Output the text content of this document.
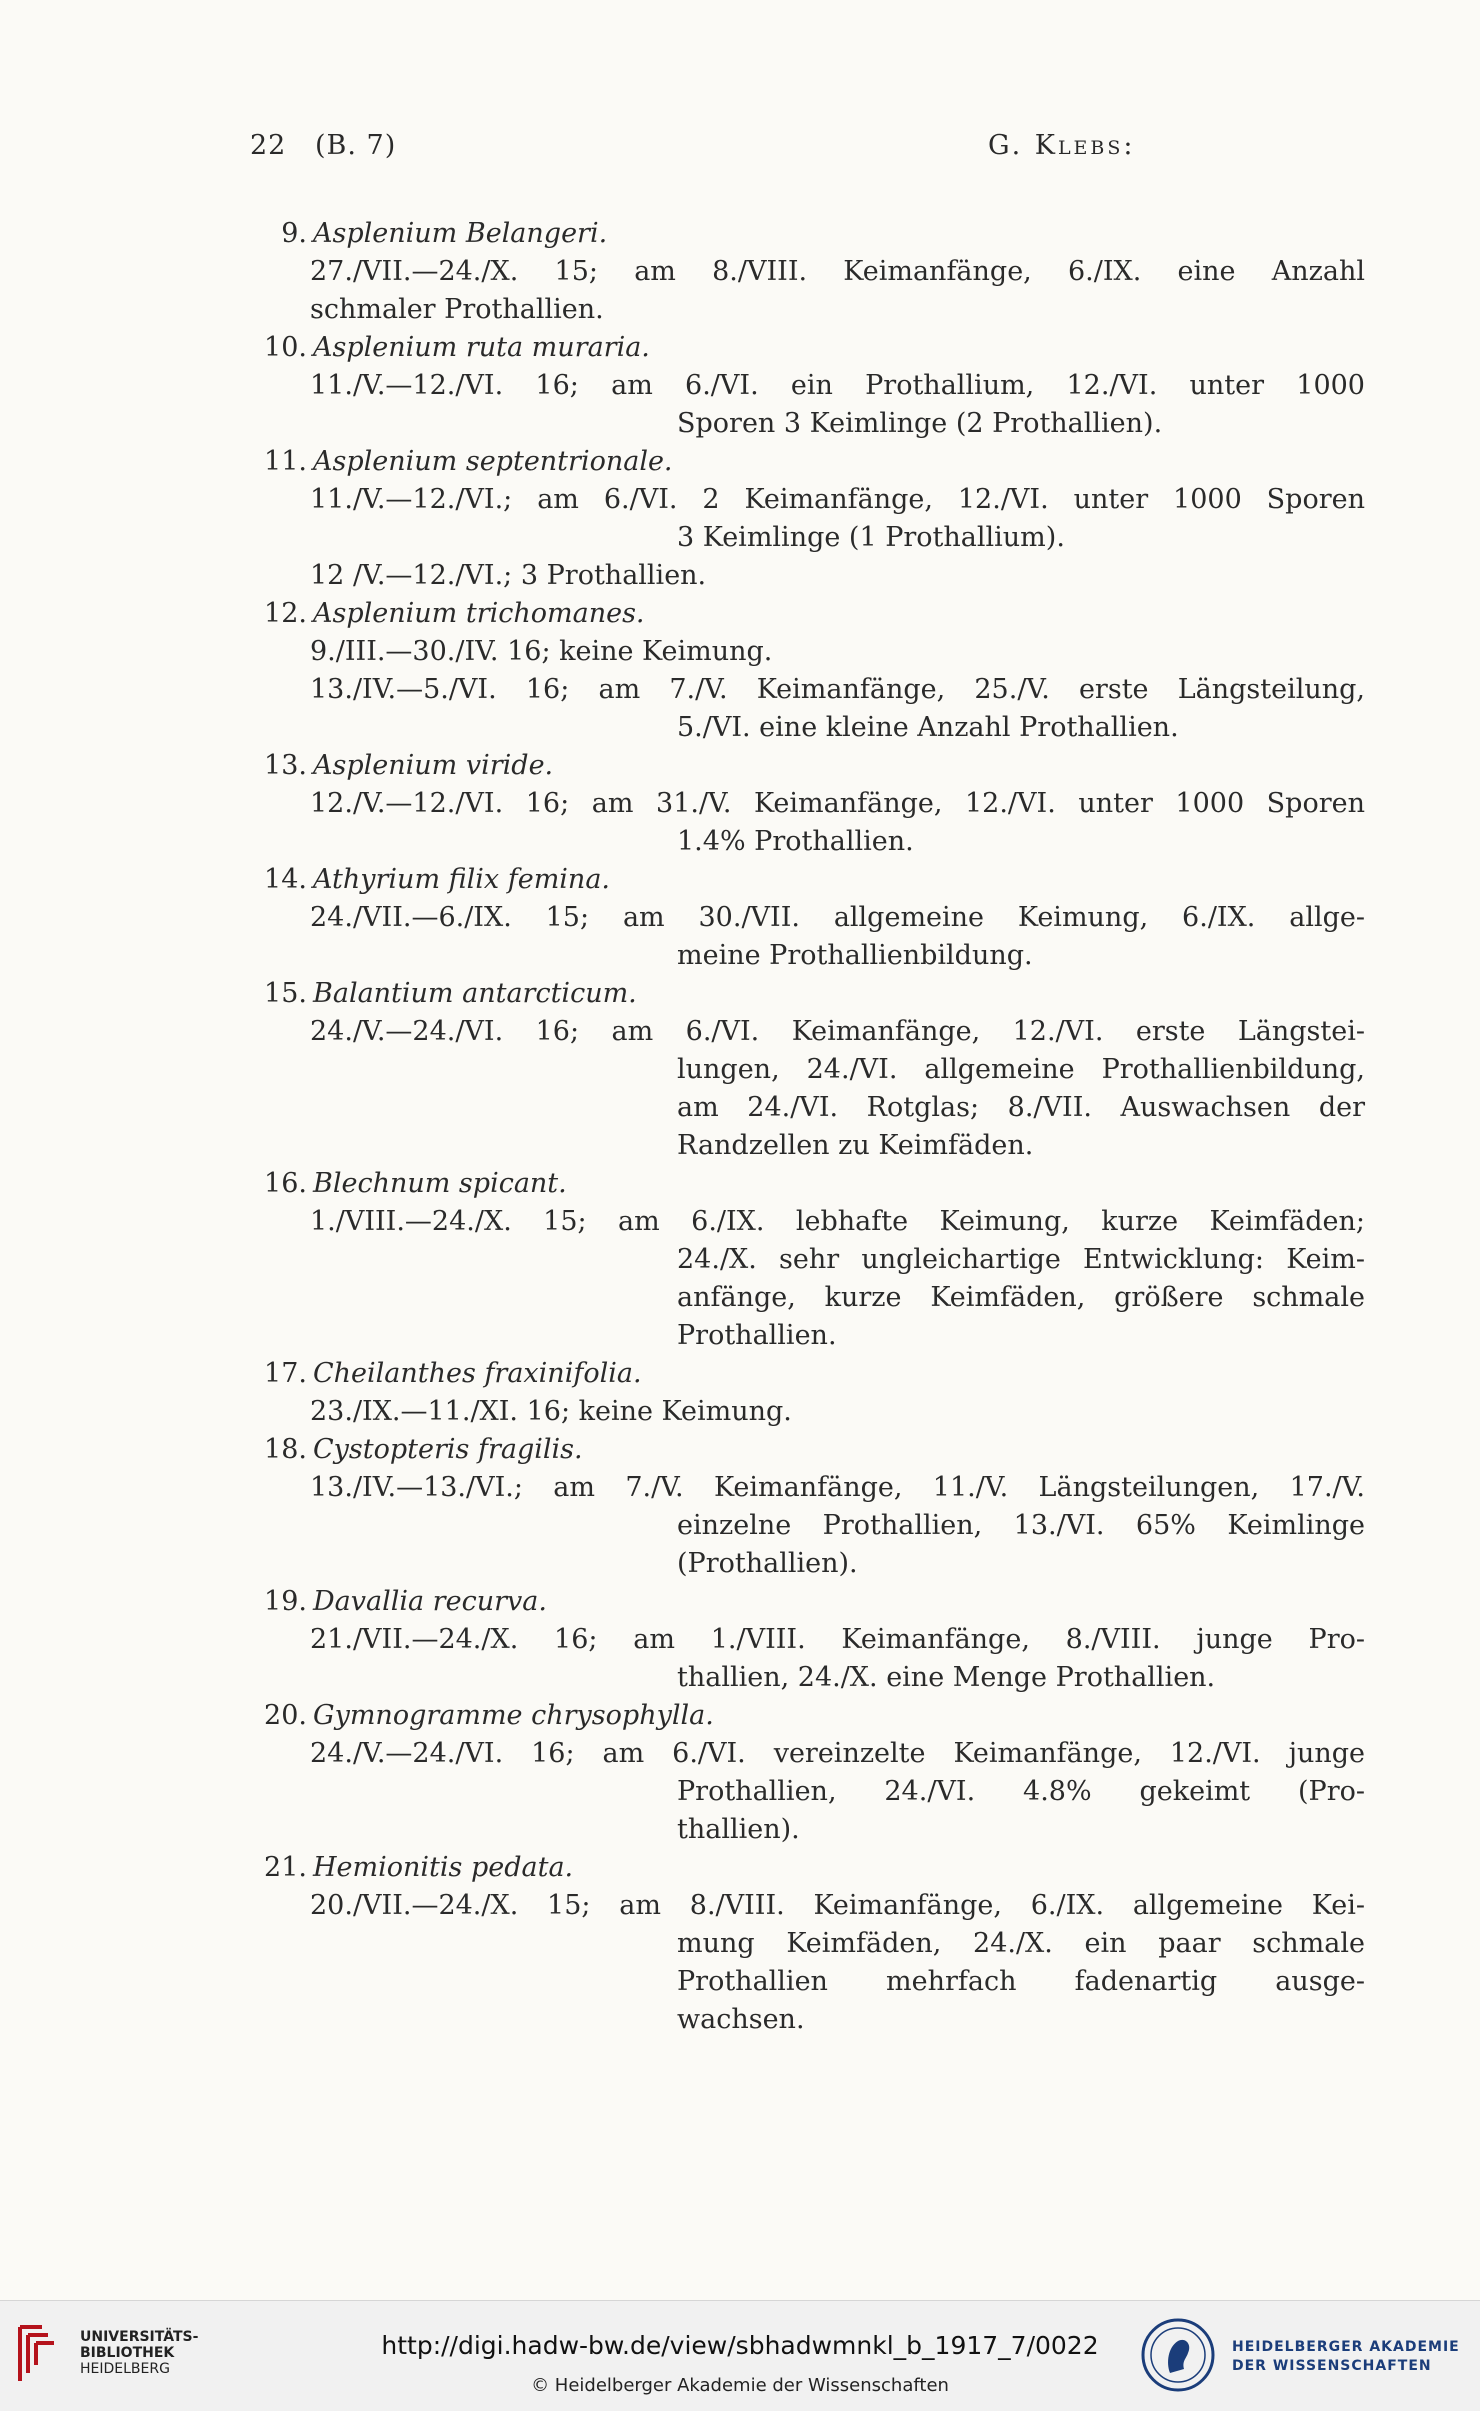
22 (B. 7)	G. Klebs:
9. Asplenium Belangeri.
27./VII.—24./X. 15; am 8./VIII. Keimanfänge, 6./IX. eine Anzahl
schmaler Prothallien.
10. Asplenium ruta muraria.
11./V.—12./VI. 16; am 6./VI. ein Prothallium, 12./VI. unter 1000
Sporen 3 Keimlinge (2 Prothallien).
11. Asplenium septentrionale.
11./V.—12./VI.; am 6./VI. 2 Keimanfänge, 12./VI. unter 1000 Sporen
3 Keimlinge (1 Prothallium).
12 /V.—12./VI.; 3 Prothallien.
12. Asplenium trichomanes.
9./III.—30./IV. 16; keine Keimung.
13./IV.—5./VI. 16; am 7./V. Keimanfänge, 25./V. erste Längsteilung,
5./VI. eine kleine Anzahl Prothallien.
13. Asplenium viride.
12./V.—12./VI. 16; am 31./V. Keimanfänge, 12./VI. unter 1000 Sporen
1.4% Prothallien.
14. Athyrium filix femina.
24./VII.—6./IX. 15; am 30./VII. allgemeine Keimung, 6./IX. allge-
meine Prothallienbildung.
15. Balantium antarcticum.
24./V.—24./VI. 16; am 6./VI. Keimanfänge, 12./VI. erste Längstei-
lungen, 24./VI. allgemeine Prothallienbildung,
am 24./VI. Rotglas; 8./VII. Auswachsen der
Randzellen zu Keimfäden.
16. Blechnum spicant.
1./VIII.—24./X. 15; am 6./IX. lebhafte Keimung, kurze Keimfäden;
24./X. sehr ungleichartige Entwicklung: Keim-
anfänge, kurze Keimfäden, größere schmale
Prothallien.
17. Cheilanthes fraxinifolia.
23./IX.—11./XI. 16; keine Keimung.
18. Cystopteris fragilis.
13./IV.—13./VI.; am 7./V. Keimanfänge, 11./V. Längsteilungen, 17./V.
einzelne Prothallien, 13./VI. 65% Keimlinge
(Prothallien).
19. Davallia recurva.
21./VII.—24./X. 16; am 1./VIII. Keimanfänge, 8./VIII. junge Pro-
thallien, 24./X. eine Menge Prothallien.
20. Gymnogramme chrysophylla.
24./V.—24./VI. 16; am 6./VI. vereinzelte Keimanfänge, 12./VI. junge
Prothallien, 24./VI. 4.8% gekeimt (Pro-
thallien).
21. Hemionitis pedata.
20./VII.—24./X. 15; am 8./VIII. Keimanfänge, 6./IX. allgemeine Kei-
mung Keimfäden, 24./X. ein paar schmale
Prothallien mehrfach fadenartig ausge-
wachsen.
UNIVERSITÄTS-
BIBLIOTHEK
HEIDELBERG
http://digi.hadw-bw.de/view/sbhadwmnkl_b_1917_7/0022
© Heidelberger Akademie der Wissenschaften
HEIDELBERGER AKADEMIE
DER WISSENSCHAFTEN
